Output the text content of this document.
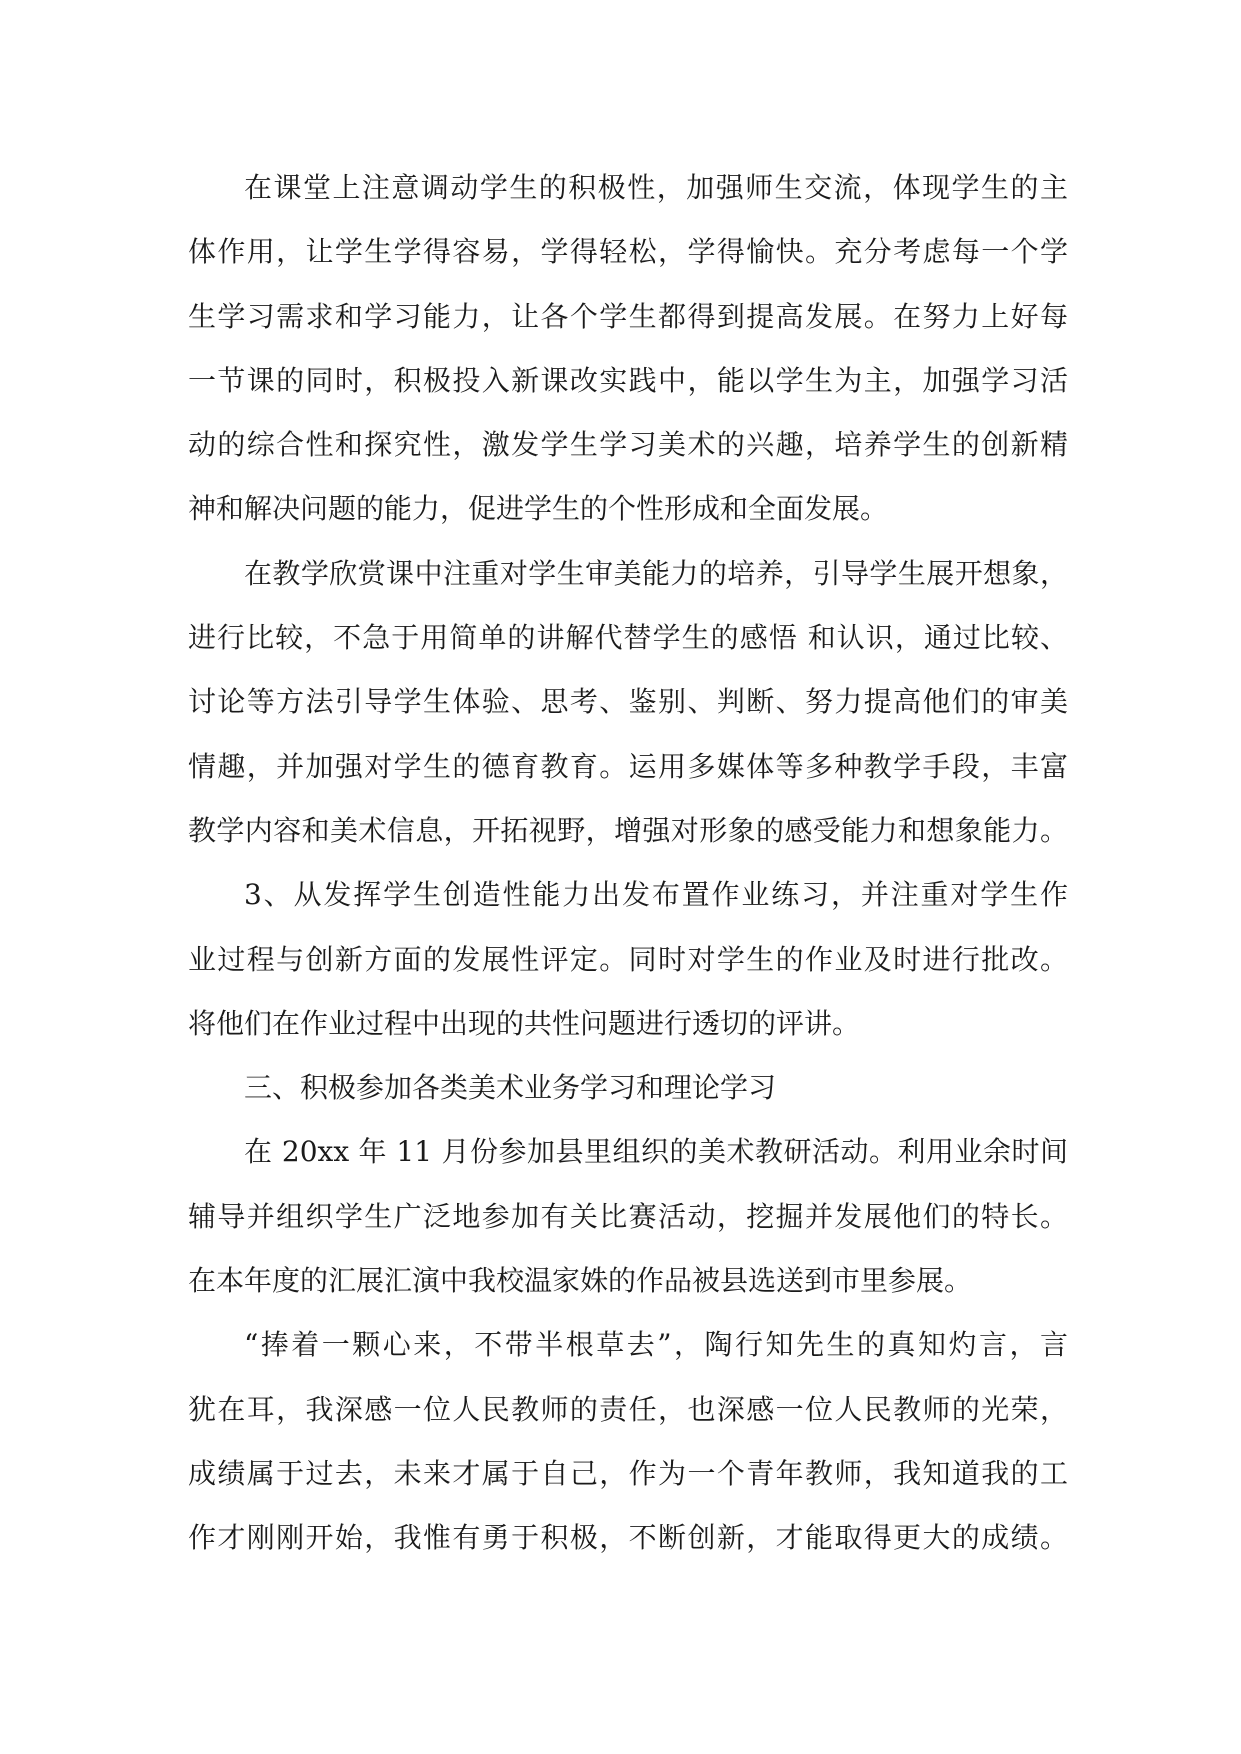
在课堂上注意调动学生的积极性，加强师生交流，体现学生的主
体作用，让学生学得容易，学得轻松，学得愉快。充分考虑每一个学
生学习需求和学习能力，让各个学生都得到提高发展。在努力上好每
一节课的同时，积极投入新课改实践中，能以学生为主，加强学习活
动的综合性和探究性，激发学生学习美术的兴趣，培养学生的创新精
神和解决问题的能力，促进学生的个性形成和全面发展。
在教学欣赏课中注重对学生审美能力的培养，引导学生展开想象，
进行比较，不急于用简单的讲解代替学生的感悟 和认识，通过比较、
讨论等方法引导学生体验、思考、鉴别、判断、努力提高他们的审美
情趣，并加强对学生的德育教育。运用多媒体等多种教学手段，丰富
教学内容和美术信息，开拓视野，增强对形象的感受能力和想象能力。
3、从发挥学生创造性能力出发布置作业练习，并注重对学生作
业过程与创新方面的发展性评定。同时对学生的作业及时进行批改。
将他们在作业过程中出现的共性问题进行透切的评讲。
三、积极参加各类美术业务学习和理论学习
在 20xx 年 11 月份参加县里组织的美术教研活动。利用业余时间
辅导并组织学生广泛地参加有关比赛活动，挖掘并发展他们的特长。
在本年度的汇展汇演中我校温家姝的作品被县选送到市里参展。
“捧着一颗心来，不带半根草去”，陶行知先生的真知灼言，言
犹在耳，我深感一位人民教师的责任，也深感一位人民教师的光荣，
成绩属于过去，未来才属于自己，作为一个青年教师，我知道我的工
作才刚刚开始，我惟有勇于积极，不断创新，才能取得更大的成绩。
